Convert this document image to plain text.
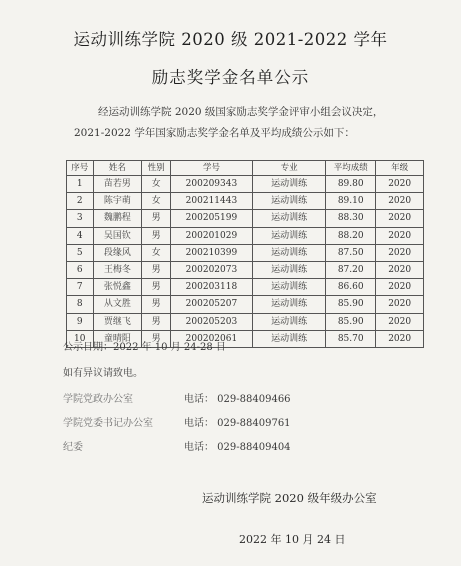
运动训练学院 2020 级 2021-2022 学年
励志奖学金名单公示
经运动训练学院 2020 级国家励志奖学金评审小组会议决定，
2021-2022 学年国家励志奖学金名单及平均成绩公示如下：
序号	姓名	性别	学号	专业	平均成绩	年级
1	苗若男	女	200209343	运动训练	89.80	2020
2	陈宇萌	女	200211443	运动训练	89.10	2020
3	魏鹏程	男	200205199	运动训练	88.30	2020
4	吴国钦	男	200201029	运动训练	88.20	2020
5	段缘风	女	200210399	运动训练	87.50	2020
6	王梅冬	男	200202073	运动训练	87.20	2020
7	张悦鑫	男	200203118	运动训练	86.60	2020
8	从文胜	男	200205207	运动训练	85.90	2020
9	贾继飞	男	200205203	运动训练	85.90	2020
10	童晴阳	男	200202061	运动训练	85.70	2020
公示日期：2022 年 10 月 24-28 日
如有异议请致电。
学院党政办公室	电话： 029-88409466
学院党委书记办公室	电话： 029-88409761
纪委	电话： 029-88409404
运动训练学院 2020 级年级办公室
2022 年 10 月 24 日
